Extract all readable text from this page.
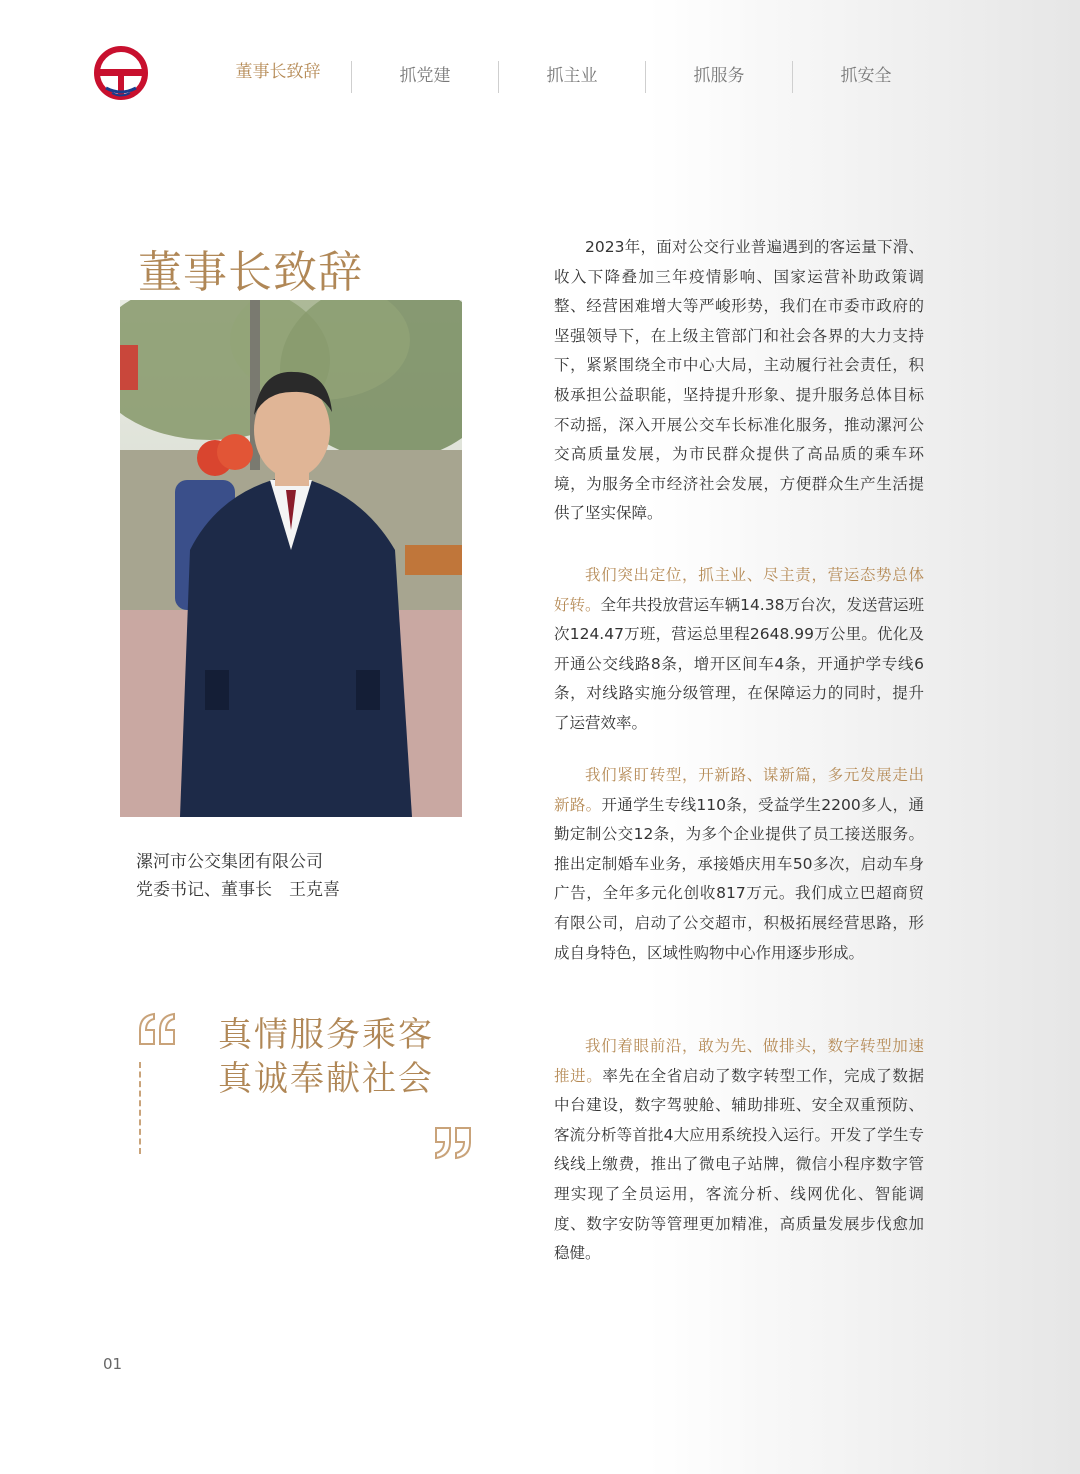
董事长致辞	抓党建	抓主业	抓服务	抓安全
董事长致辞
漯河市公交集团有限公司
党委书记、董事长　王克喜
真情服务乘客
真诚奉献社会
2023年，面对公交行业普遍遇到的客运量下滑、收入下降叠加三年疫情影响、国家运营补助政策调整、经营困难增大等严峻形势，我们在市委市政府的坚强领导下，在上级主管部门和社会各界的大力支持下，紧紧围绕全市中心大局，主动履行社会责任，积极承担公益职能，坚持提升形象、提升服务总体目标不动摇，深入开展公交车长标准化服务，推动漯河公交高质量发展，为市民群众提供了高品质的乘车环境，为服务全市经济社会发展，方便群众生产生活提供了坚实保障。
我们突出定位，抓主业、尽主责，营运态势总体好转。全年共投放营运车辆14.38万台次，发送营运班次124.47万班，营运总里程2648.99万公里。优化及开通公交线路8条，增开区间车4条，开通护学专线6条，对线路实施分级管理，在保障运力的同时，提升了运营效率。
我们紧盯转型，开新路、谋新篇，多元发展走出新路。开通学生专线110条，受益学生2200多人，通勤定制公交12条，为多个企业提供了员工接送服务。推出定制婚车业务，承接婚庆用车50多次，启动车身广告，全年多元化创收817万元。我们成立巴超商贸有限公司，启动了公交超市，积极拓展经营思路，形成自身特色，区域性购物中心作用逐步形成。
我们着眼前沿，敢为先、做排头，数字转型加速推进。率先在全省启动了数字转型工作，完成了数据中台建设，数字驾驶舱、辅助排班、安全双重预防、客流分析等首批4大应用系统投入运行。开发了学生专线线上缴费，推出了微电子站牌，微信小程序数字管理实现了全员运用，客流分析、线网优化、智能调度、数字安防等管理更加精准，高质量发展步伐愈加稳健。
01
